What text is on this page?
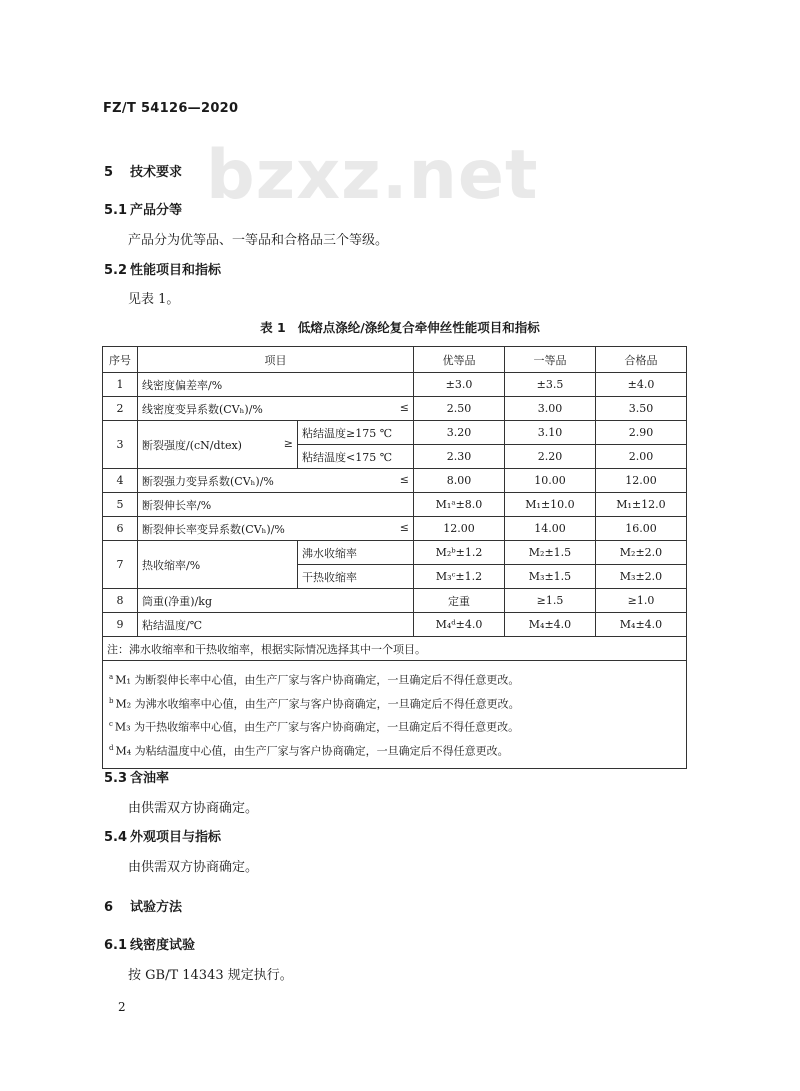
FZ/T 54126—2020
bzxz.net
5 技术要求
5.1 产品分等
产品分为优等品、一等品和合格品三个等级。
5.2 性能项目和指标
见表 1。
表 1 低熔点涤纶/涤纶复合牵伸丝性能项目和指标
序号	项目		优等品	一等品	合格品
1	线密度偏差率/%		±3.0	±3.5	±4.0
2	线密度变异系数(CVₕ)/% ≤		2.50	3.00	3.50
3	断裂强度/(cN/dtex) ≥	粘结温度≥175 ℃	3.20	3.10	2.90
		粘结温度<175 ℃	2.30	2.20	2.00
4	断裂强力变异系数(CVₕ)/% ≤		8.00	10.00	12.00
5	断裂伸长率/%		M₁ᵃ±8.0	M₁±10.0	M₁±12.0
6	断裂伸长率变异系数(CVₕ)/% ≤		12.00	14.00	16.00
7	热收缩率/%	沸水收缩率	M₂ᵇ±1.2	M₂±1.5	M₂±2.0
		干热收缩率	M₃ᶜ±1.2	M₃±1.5	M₃±2.0
8	筒重(净重)/kg		定重	≥1.5	≥1.0
9	粘结温度/℃		M₄ᵈ±4.0	M₄±4.0	M₄±4.0
注：沸水收缩率和干热收缩率，根据实际情况选择其中一个项目。					

$^a$ M₁ 为断裂伸长率中心值，由生产厂家与客户协商确定，一旦确定后不得任意更改。
$^b$ M₂ 为沸水收缩率中心值，由生产厂家与客户协商确定，一旦确定后不得任意更改。
$^c$ M₃ 为干热收缩率中心值，由生产厂家与客户协商确定，一旦确定后不得任意更改。
$^d$ M₄ 为粘结温度中心值，由生产厂家与客户协商确定，一旦确定后不得任意更改。					
5.3 含油率
由供需双方协商确定。
5.4 外观项目与指标
由供需双方协商确定。
6 试验方法
6.1 线密度试验
按 GB/T 14343 规定执行。
2
